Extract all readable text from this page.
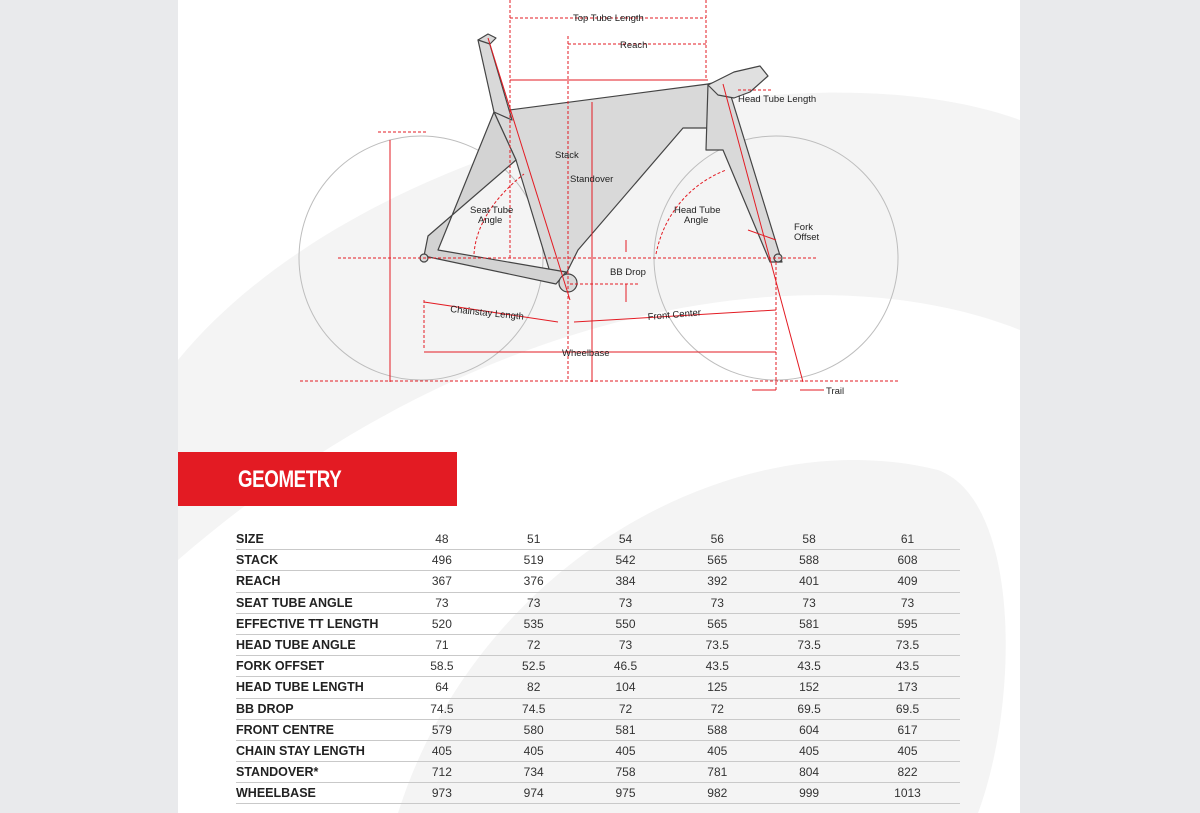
Top Tube Length
Reach
Head Tube Length
Stack
Standover
Seat Tube
Angle
Head Tube
Angle
Fork
Offset
BB Drop
Chainstay Length	Front Center
Wheelbase
Trail
GEOMETRY
SIZE	48	51	54	56	58	61
STACK	496	519	542	565	588	608
REACH	367	376	384	392	401	409
SEAT TUBE ANGLE	73	73	73	73	73	73
EFFECTIVE TT LENGTH	520	535	550	565	581	595
HEAD TUBE ANGLE	71	72	73	73.5	73.5	73.5
FORK OFFSET	58.5	52.5	46.5	43.5	43.5	43.5
HEAD TUBE LENGTH	64	82	104	125	152	173
BB DROP	74.5	74.5	72	72	69.5	69.5
FRONT CENTRE	579	580	581	588	604	617
CHAIN STAY LENGTH	405	405	405	405	405	405
STANDOVER*	712	734	758	781	804	822
WHEELBASE	973	974	975	982	999	1013
